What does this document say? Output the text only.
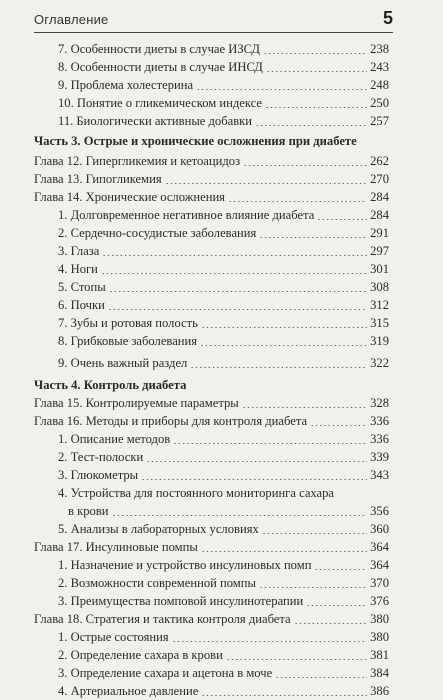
Оглавление	5
7. Особенности диеты в случае ИЗСД	238
8. Особенности диеты в случае ИНСД	243
9. Проблема холестерина	248
10. Понятие о гликемическом индексе	250
11. Биологически активные добавки	257
Часть 3. Острые и хронические осложнения при диабете
Глава 12. Гипергликемия и кетоацидоз	262
Глава 13. Гипогликемия	270
Глава 14. Хронические осложнения	284
1. Долговременное негативное влияние диабета	284
2. Сердечно-сосудистые заболевания	291
3. Глаза	297
4. Ноги	301
5. Стопы	308
6. Почки	312
7. Зубы и ротовая полость	315
8. Грибковые заболевания	319
9. Очень важный раздел	322
Часть 4. Контроль диабета
Глава 15. Контролируемые параметры	328
Глава 16. Методы и приборы для контроля диабета	336
1. Описание методов	336
2. Тест-полоски	339
3. Глюкометры	343
4. Устройства для постоянного мониторинга сахара
в крови	356
5. Анализы в лабораторных условиях	360
Глава 17. Инсулиновые помпы	364
1. Назначение и устройство инсулиновых помп	364
2. Возможности современной помпы	370
3. Преимущества помповой инсулинотерапии	376
Глава 18. Стратегия и тактика контроля диабета	380
1. Острые состояния	380
2. Определение сахара в крови	381
3. Определение сахара и ацетона в моче	384
4. Артериальное давление	386
